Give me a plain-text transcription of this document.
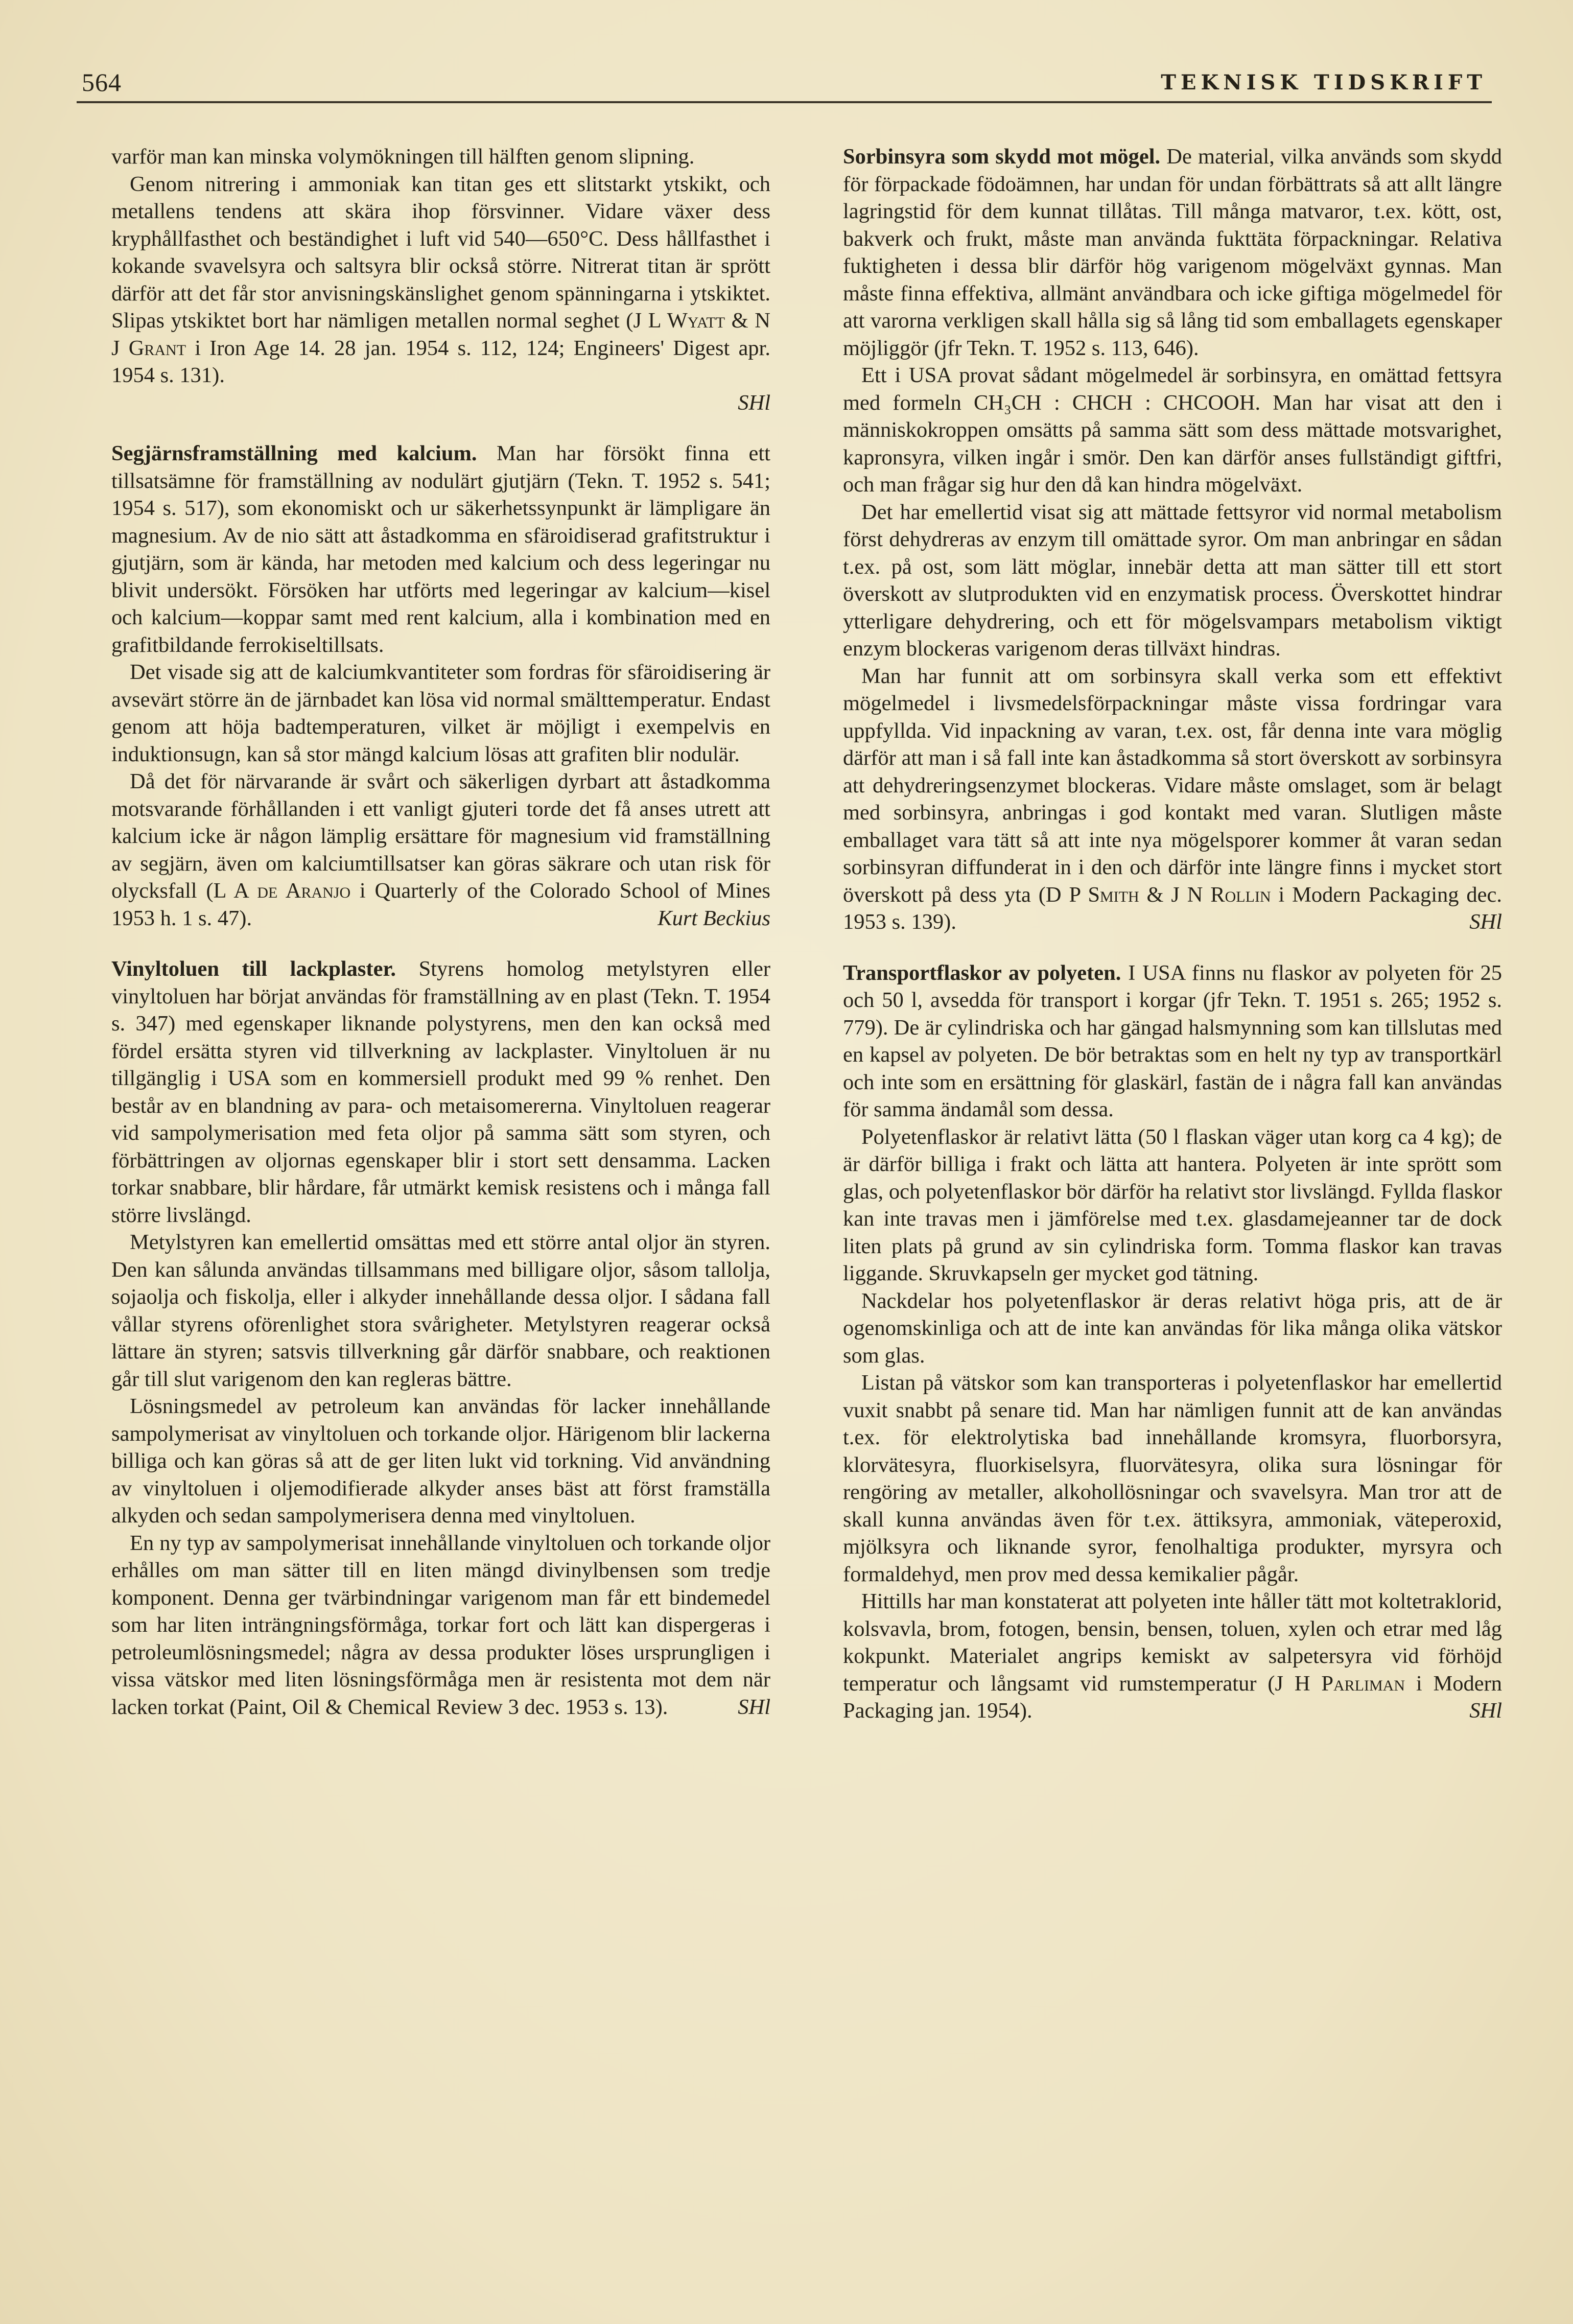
564	TEKNISK TIDSKRIFT

varför man kan minska volymökningen till hälften genom slipning.

Genom nitrering i ammoniak kan titan ges ett slitstarkt ytskikt, och metallens tendens att skära ihop försvinner. Vidare växer dess kryphållfasthet och beständighet i luft vid 540—650°C. Dess hållfasthet i kokande svavelsyra och saltsyra blir också större. Nitrerat titan är sprött därför att det får stor anvisningskänslighet genom spänningarna i ytskiktet. Slipas ytskiktet bort har nämligen metallen normal seghet (J L Wyatt & N J Grant i Iron Age 14. 28 jan. 1954 s. 112, 124; Engineers' Digest apr. 1954 s. 131).

SHl

Segjärnsframställning med kalcium. Man har försökt finna ett tillsatsämne för framställning av nodulärt gjutjärn (Tekn. T. 1952 s. 541; 1954 s. 517), som ekonomiskt och ur säkerhetssynpunkt är lämpligare än magnesium. Av de nio sätt att åstadkomma en sfäroidiserad grafitstruktur i gjutjärn, som är kända, har metoden med kalcium och dess legeringar nu blivit undersökt. Försöken har utförts med legeringar av kalcium—kisel och kalcium—koppar samt med rent kalcium, alla i kombination med en grafitbildande ferrokiseltillsats.

Det visade sig att de kalciumkvantiteter som fordras för sfäroidisering är avsevärt större än de järnbadet kan lösa vid normal smälttemperatur. Endast genom att höja badtemperaturen, vilket är möjligt i exempelvis en induktionsugn, kan så stor mängd kalcium lösas att grafiten blir nodulär.

Då det för närvarande är svårt och säkerligen dyrbart att åstadkomma motsvarande förhållanden i ett vanligt gjuteri torde det få anses utrett att kalcium icke är någon lämplig ersättare för magnesium vid framställning av segjärn, även om kalciumtillsatser kan göras säkrare och utan risk för olycksfall (L A de Aranjo i Quarterly of the Colorado School of Mines 1953 h. 1 s. 47).	Kurt Beckius

Vinyltoluen till lackplaster. Styrens homolog metylstyren eller vinyltoluen har börjat användas för framställning av en plast (Tekn. T. 1954 s. 347) med egenskaper liknande polystyrens, men den kan också med fördel ersätta styren vid tillverkning av lackplaster. Vinyltoluen är nu tillgänglig i USA som en kommersiell produkt med 99 % renhet. Den består av en blandning av para- och metaisomererna. Vinyltoluen reagerar vid sampolymerisation med feta oljor på samma sätt som styren, och förbättringen av oljornas egenskaper blir i stort sett densamma. Lacken torkar snabbare, blir hårdare, får utmärkt kemisk resistens och i många fall större livslängd.

Metylstyren kan emellertid omsättas med ett större antal oljor än styren. Den kan sålunda användas tillsammans med billigare oljor, såsom tallolja, sojaolja och fiskolja, eller i alkyder innehållande dessa oljor. I sådana fall vållar styrens oförenlighet stora svårigheter. Metylstyren reagerar också lättare än styren; satsvis tillverkning går därför snabbare, och reaktionen går till slut varigenom den kan regleras bättre.

Lösningsmedel av petroleum kan användas för lacker innehållande sampolymerisat av vinyltoluen och torkande oljor. Härigenom blir lackerna billiga och kan göras så att de ger liten lukt vid torkning. Vid användning av vinyltoluen i oljemodifierade alkyder anses bäst att först framställa alkyden och sedan sampolymerisera denna med vinyltoluen.

En ny typ av sampolymerisat innehållande vinyltoluen och torkande oljor erhålles om man sätter till en liten mängd divinylbensen som tredje komponent. Denna ger tvärbindningar varigenom man får ett bindemedel som har liten inträngningsförmåga, torkar fort och lätt kan dispergeras i petroleumlösningsmedel; några av dessa produkter löses ursprungligen i vissa vätskor med liten lösningsförmåga men är resistenta mot dem när lacken torkat (Paint, Oil & Chemical Review 3 dec. 1953 s. 13).	SHl

Sorbinsyra som skydd mot mögel. De material, vilka används som skydd för förpackade födoämnen, har undan för undan förbättrats så att allt längre lagringstid för dem kunnat tillåtas. Till många matvaror, t.ex. kött, ost, bakverk och frukt, måste man använda fukttäta förpackningar. Relativa fuktigheten i dessa blir därför hög varigenom mögelväxt gynnas. Man måste finna effektiva, allmänt användbara och icke giftiga mögelmedel för att varorna verkligen skall hålla sig så lång tid som emballagets egenskaper möjliggör (jfr Tekn. T. 1952 s. 113, 646).

Ett i USA provat sådant mögelmedel är sorbinsyra, en omättad fettsyra med formeln CH₃CH : CHCH : CHCOOH. Man har visat att den i människokroppen omsätts på samma sätt som dess mättade motsvarighet, kapronsyra, vilken ingår i smör. Den kan därför anses fullständigt giftfri, och man frågar sig hur den då kan hindra mögelväxt.

Det har emellertid visat sig att mättade fettsyror vid normal metabolism först dehydreras av enzym till omättade syror. Om man anbringar en sådan t.ex. på ost, som lätt möglar, innebär detta att man sätter till ett stort överskott av slutprodukten vid en enzymatisk process. Överskottet hindrar ytterligare dehydrering, och ett för mögelsvampars metabolism viktigt enzym blockeras varigenom deras tillväxt hindras.

Man har funnit att om sorbinsyra skall verka som ett effektivt mögelmedel i livsmedelsförpackningar måste vissa fordringar vara uppfyllda. Vid inpackning av varan, t.ex. ost, får denna inte vara möglig därför att man i så fall inte kan åstadkomma så stort överskott av sorbinsyra att dehydreringsenzymet blockeras. Vidare måste omslaget, som är belagt med sorbinsyra, anbringas i god kontakt med varan. Slutligen måste emballaget vara tätt så att inte nya mögelsporer kommer åt varan sedan sorbinsyran diffunderat in i den och därför inte längre finns i mycket stort överskott på dess yta (D P Smith & J N Rollin i Modern Packaging dec. 1953 s. 139).	SHl

Transportflaskor av polyeten. I USA finns nu flaskor av polyeten för 25 och 50 l, avsedda för transport i korgar (jfr Tekn. T. 1951 s. 265; 1952 s. 779). De är cylindriska och har gängad halsmynning som kan tillslutas med en kapsel av polyeten. De bör betraktas som en helt ny typ av transportkärl och inte som en ersättning för glaskärl, fastän de i några fall kan användas för samma ändamål som dessa.

Polyetenflaskor är relativt lätta (50 l flaskan väger utan korg ca 4 kg); de är därför billiga i frakt och lätta att hantera. Polyeten är inte sprött som glas, och polyetenflaskor bör därför ha relativt stor livslängd. Fyllda flaskor kan inte travas men i jämförelse med t.ex. glasdamejeanner tar de dock liten plats på grund av sin cylindriska form. Tomma flaskor kan travas liggande. Skruvkapseln ger mycket god tätning.

Nackdelar hos polyetenflaskor är deras relativt höga pris, att de är ogenomskinliga och att de inte kan användas för lika många olika vätskor som glas.

Listan på vätskor som kan transporteras i polyetenflaskor har emellertid vuxit snabbt på senare tid. Man har nämligen funnit att de kan användas t.ex. för elektrolytiska bad innehållande kromsyra, fluorborsyra, klorvätesyra, fluorkiselsyra, fluorvätesyra, olika sura lösningar för rengöring av metaller, alkohollösningar och svavelsyra. Man tror att de skall kunna användas även för t.ex. ättiksyra, ammoniak, väteperoxid, mjölksyra och liknande syror, fenolhaltiga produkter, myrsyra och formaldehyd, men prov med dessa kemikalier pågår.

Hittills har man konstaterat att polyeten inte håller tätt mot koltetraklorid, kolsvavla, brom, fotogen, bensin, bensen, toluen, xylen och etrar med låg kokpunkt. Materialet angrips kemiskt av salpetersyra vid förhöjd temperatur och långsamt vid rumstemperatur (J H Parliman i Modern Packaging jan. 1954).	SHl
